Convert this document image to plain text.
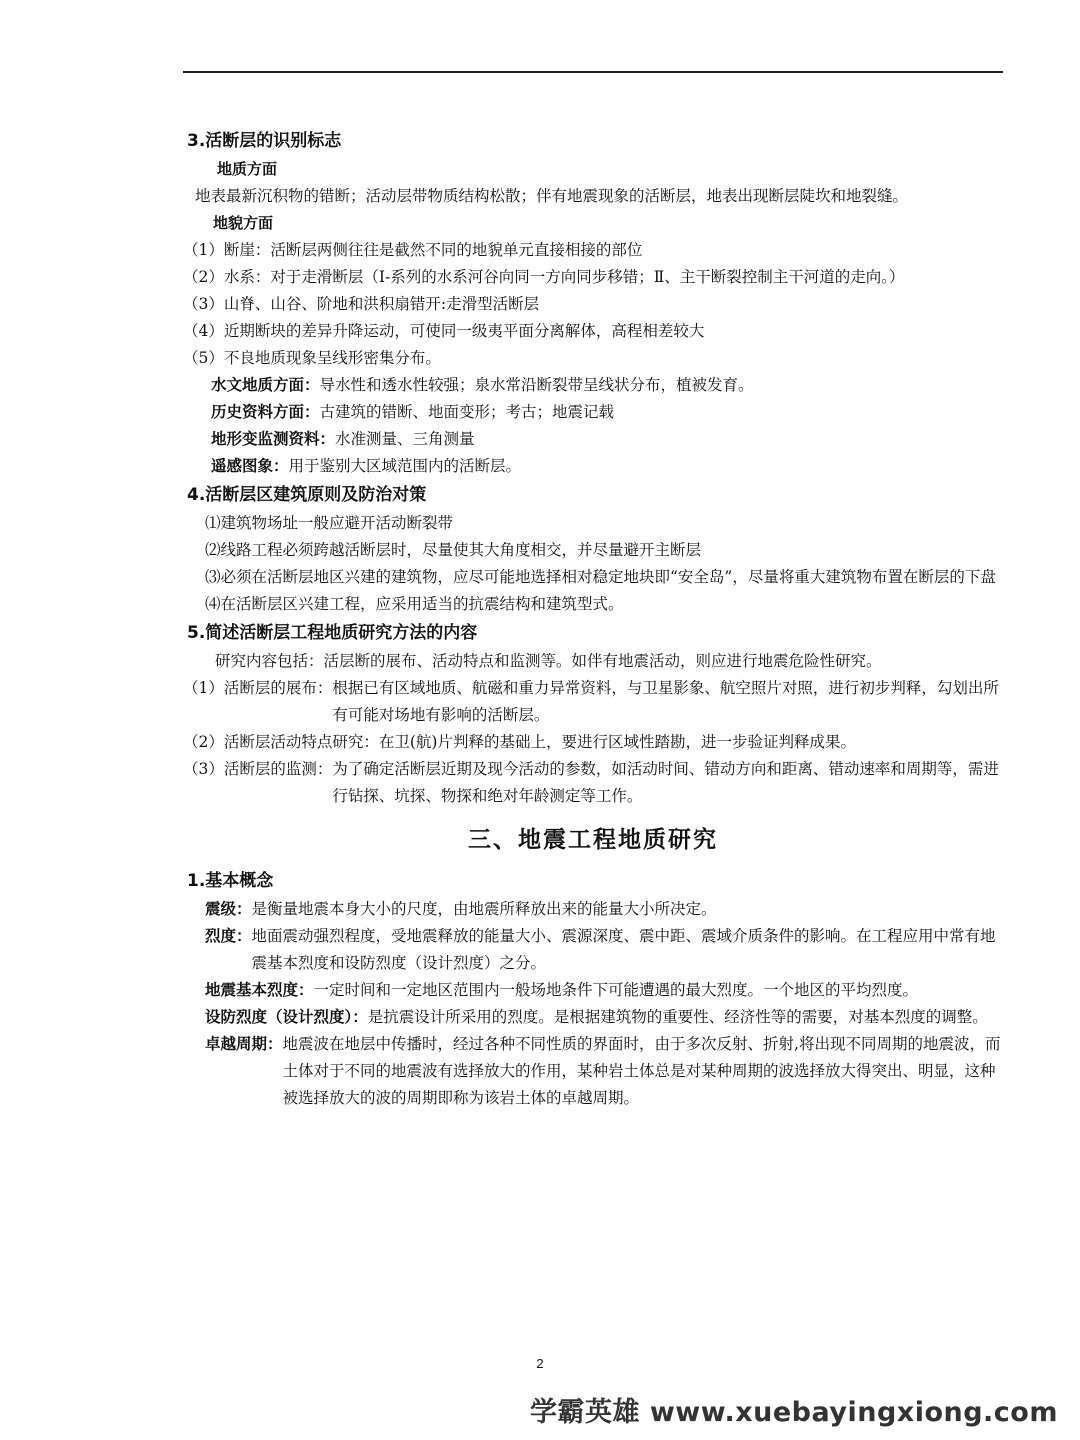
3.活断层的识别标志
地质方面

地表最新沉积物的错断；活动层带物质结构松散；伴有地震现象的活断层，地表出现断层陡坎和地裂缝。

地貌方面

（1）断崖：活断层两侧往往是截然不同的地貌单元直接相接的部位

（2）水系：对于走滑断层（Ⅰ-系列的水系河谷向同一方向同步移错；Ⅱ、主干断裂控制主干河道的走向。）

（3）山脊、山谷、阶地和洪积扇错开:走滑型活断层

（4）近期断块的差异升降运动，可使同一级夷平面分离解体，高程相差较大

（5）不良地质现象呈线形密集分布。

水文地质方面：导水性和透水性较强；泉水常沿断裂带呈线状分布，植被发育。

历史资料方面：古建筑的错断、地面变形；考古；地震记载

地形变监测资料：水准测量、三角测量

遥感图象：用于鉴别大区域范围内的活断层。

4.活断层区建筑原则及防治对策

⑴建筑物场址一般应避开活动断裂带

⑵线路工程必须跨越活断层时，尽量使其大角度相交，并尽量避开主断层

⑶必须在活断层地区兴建的建筑物，应尽可能地选择相对稳定地块即“安全岛”，尽量将重大建筑物布置在断层的下盘

⑷在活断层区兴建工程，应采用适当的抗震结构和建筑型式。

5.简述活断层工程地质研究方法的内容

研究内容包括：活层断的展布、活动特点和监测等。如伴有地震活动，则应进行地震危险性研究。

（1）活断层的展布： 根据已有区域地质、航磁和重力异常资料，与卫星影象、航空照片对照，进行初步判释，勾划出所有可能对场地有影响的活断层。
（2）活断层活动特点研究： 在卫(航)片判释的基础上，要进行区域性踏勘，进一步验证判释成果。
（3）活断层的监测： 为了确定活断层近期及现今活动的参数，如活动时间、错动方向和距离、错动速率和周期等，需进行钻探、坑探、物探和绝对年龄测定等工作。
三、地震工程地质研究
1.基本概念
震级： 是衡量地震本身大小的尺度，由地震所释放出来的能量大小所决定。
烈度： 地面震动强烈程度，受地震释放的能量大小、震源深度、震中距、震域介质条件的影响。在工程应用中常有地震基本烈度和设防烈度（设计烈度）之分。
地震基本烈度： 一定时间和一定地区范围内一般场地条件下可能遭遇的最大烈度。一个地区的平均烈度。
设防烈度（设计烈度）： 是抗震设计所采用的烈度。是根据建筑物的重要性、经济性等的需要，对基本烈度的调整。
卓越周期： 地震波在地层中传播时，经过各种不同性质的界面时，由于多次反射、折射,将出现不同周期的地震波，而土体对于不同的地震波有选择放大的作用，某种岩土体总是对某种周期的波选择放大得突出、明显，这种被选择放大的波的周期即称为该岩土体的卓越周期。
2
学霸英雄 www.xuebayingxiong.com
